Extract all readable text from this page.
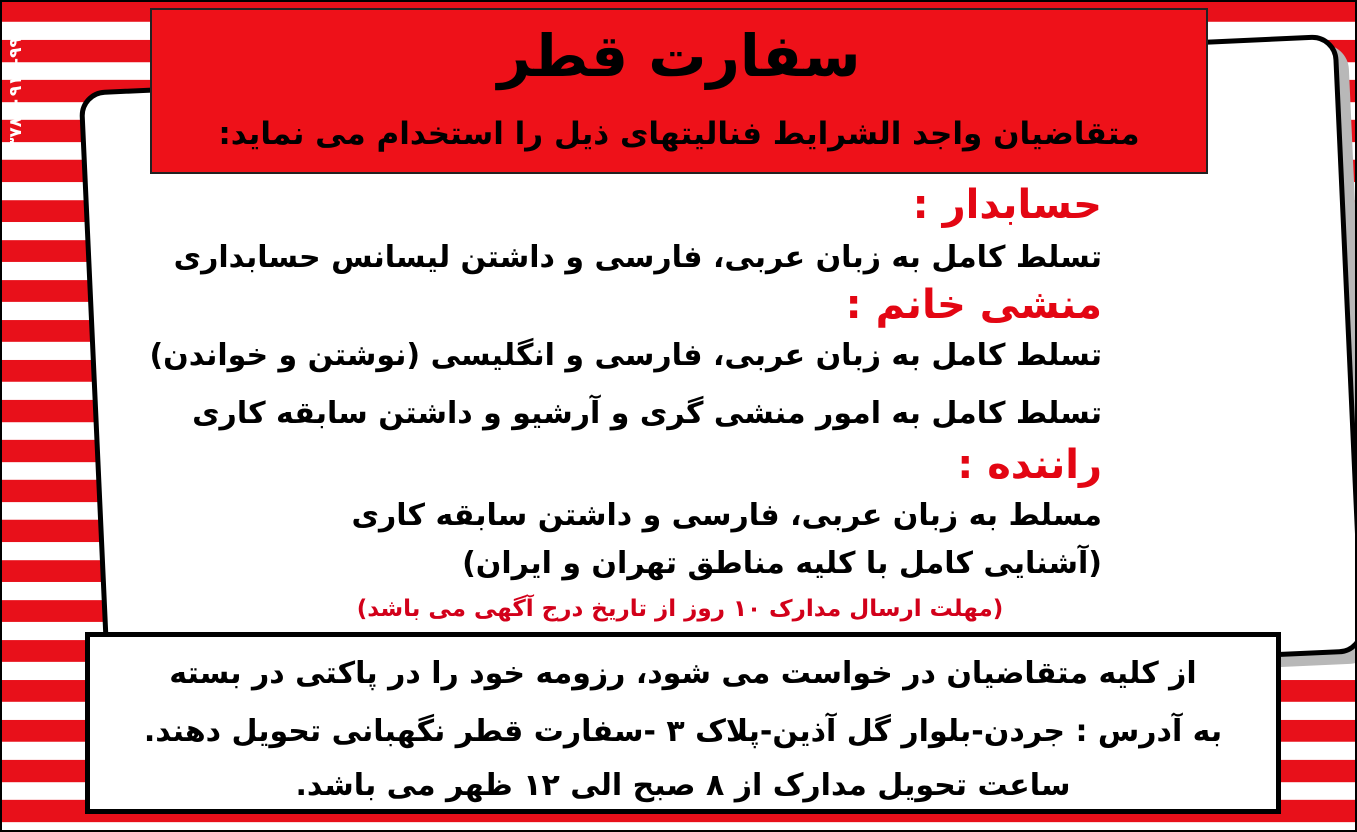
۳۷۸۲۰۹۱۳-۹۹	سفارت قطر
متقاضیان واجد الشرایط فنالیتهای ذیل را استخدام می نماید:
حسابدار :
تسلط کامل به زبان عربی، فارسی و داشتن لیسانس حسابداری
منشی خانم :
تسلط کامل به زبان عربی، فارسی و انگلیسی (نوشتن و خواندن)
تسلط کامل به امور منشی گری و آرشیو و داشتن سابقه کاری
راننده :
مسلط به زبان عربی، فارسی و داشتن سابقه کاری
(آشنایی کامل با کلیه مناطق تهران و ایران)
(مهلت ارسال مدارک ۱۰ روز از تاریخ درج آگهی می باشد)
از کلیه متقاضیان در خواست می شود، رزومه خود را در پاکتی در بسته
به آدرس : جردن-بلوار گل آذین-پلاک ۳ -سفارت قطر نگهبانی تحویل دهند.
ساعت تحویل مدارک از ۸ صبح الی ۱۲ ظهر می باشد.
